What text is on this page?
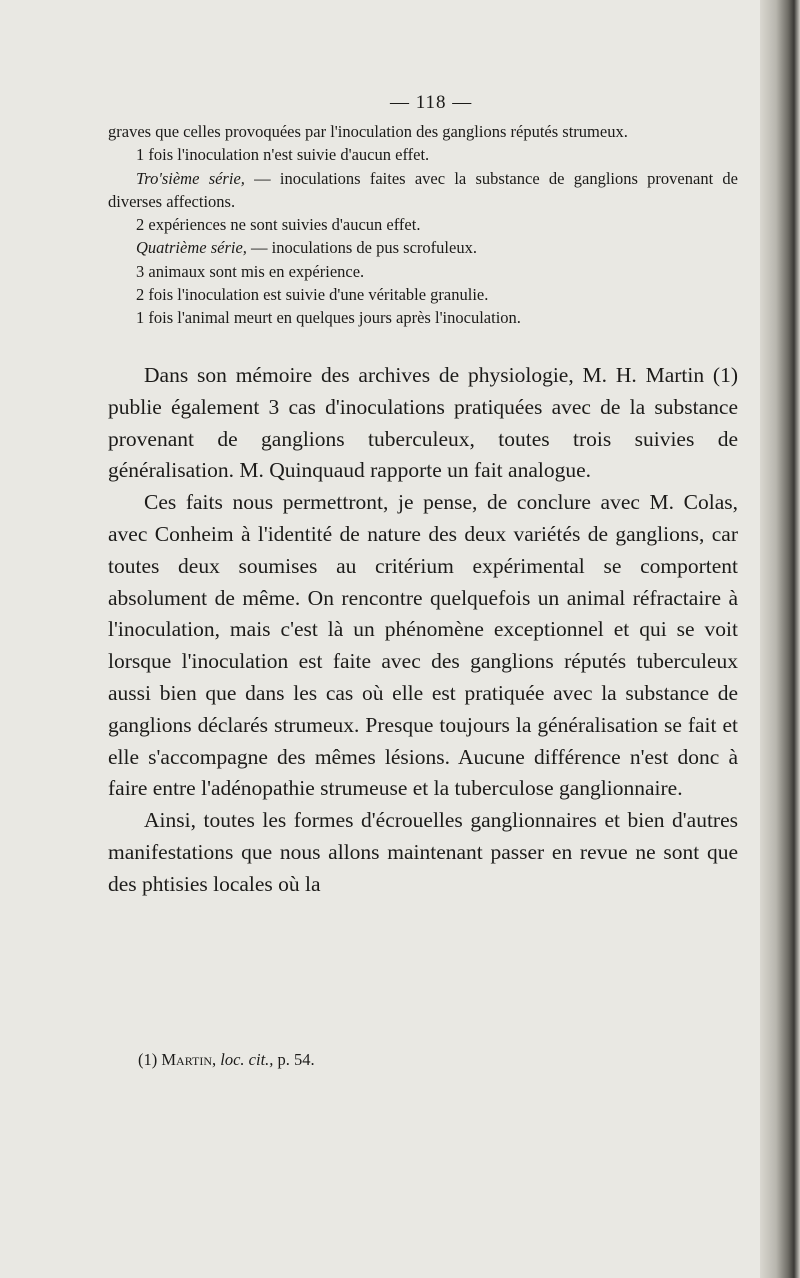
— 118 —

graves que celles provoquées par l'inoculation des ganglions réputés strumeux.

1 fois l'inoculation n'est suivie d'aucun effet.

Tro'sième série, — inoculations faites avec la substance de ganglions provenant de diverses affections.

2 expériences ne sont suivies d'aucun effet.

Quatrième série, — inoculations de pus scrofuleux.

3 animaux sont mis en expérience.

2 fois l'inoculation est suivie d'une véritable granulie.

1 fois l'animal meurt en quelques jours après l'inoculation.

Dans son mémoire des archives de physiologie, M. H. Martin (1) publie également 3 cas d'inoculations pratiquées avec de la substance provenant de ganglions tuberculeux, toutes trois suivies de généralisation. M. Quinquaud rapporte un fait analogue.

Ces faits nous permettront, je pense, de conclure avec M. Colas, avec Conheim à l'identité de nature des deux variétés de ganglions, car toutes deux soumises au critérium expérimental se comportent absolument de même. On rencontre quelquefois un animal réfractaire à l'inoculation, mais c'est là un phénomène exceptionnel et qui se voit lorsque l'inoculation est faite avec des ganglions réputés tuberculeux aussi bien que dans les cas où elle est pratiquée avec la substance de ganglions déclarés strumeux. Presque toujours la généralisation se fait et elle s'accompagne des mêmes lésions. Aucune différence n'est donc à faire entre l'adénopathie strumeuse et la tuberculose ganglionnaire.

Ainsi, toutes les formes d'écrouelles ganglionnaires et bien d'autres manifestations que nous allons maintenant passer en revue ne sont que des phtisies locales où la

(1) Martin, loc. cit., p. 54.
